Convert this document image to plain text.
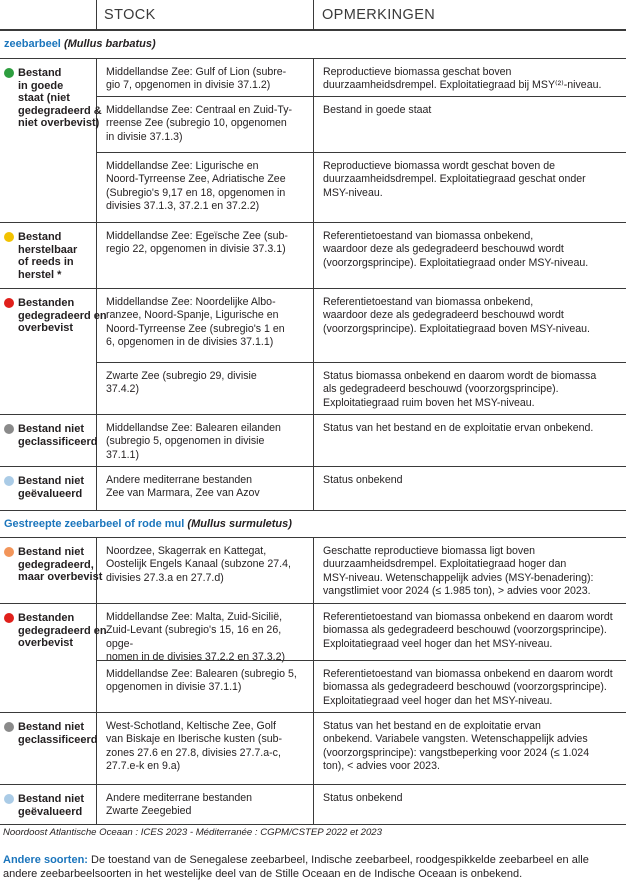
STOCK	OPMERKINGEN
zeebarbeel (Mullus barbatus)
Bestand
in goede
staat (niet
gedegradeerd &
niet overbevist)
Middellandse Zee: Gulf of Lion (subre-
gio 7, opgenomen in divisie 37.1.2)
Reproductieve biomassa geschat boven
duurzaamheidsdrempel. Exploitatiegraad bij MSY⁽²⁾-niveau.
Middellandse Zee: Centraal en Zuid-Ty-
rreense Zee (subregio 10, opgenomen
in divisie 37.1.3)
Bestand in goede staat
Middellandse Zee: Ligurische en
Noord-Tyrreense Zee, Adriatische Zee
(Subregio's 9,17 en 18, opgenomen in
divisies 37.1.3, 37.2.1 en 37.2.2)
Reproductieve biomassa wordt geschat boven de
duurzaamheidsdrempel. Exploitatiegraad geschat onder
MSY-niveau.
Bestand
herstelbaar
of reeds in
herstel *
Middellandse Zee: Egeïsche Zee (sub-
regio 22, opgenomen in divisie 37.3.1)
Referentietoestand van biomassa onbekend,
waardoor deze als gedegradeerd beschouwd wordt
(voorzorgsprincipe). Exploitatiegraad onder MSY-niveau.
Bestanden
gedegradeerd en
overbevist
Middellandse Zee: Noordelijke Albo-
ranzee, Noord-Spanje, Ligurische en
Noord-Tyrreense Zee (subregio's 1 en
6, opgenomen in de divisies 37.1.1)
Referentietoestand van biomassa onbekend,
waardoor deze als gedegradeerd beschouwd wordt
(voorzorgsprincipe). Exploitatiegraad boven MSY-niveau.
Zwarte Zee (subregio 29, divisie
37.4.2)
Status biomassa onbekend en daarom wordt de biomassa
als gedegradeerd beschouwd (voorzorgsprincipe).
Exploitatiegraad ruim boven het MSY-niveau.
Bestand niet
geclassificeerd
Middellandse Zee: Balearen eilanden
(subregio 5, opgenomen in divisie
37.1.1)
Status van het bestand en de exploitatie ervan onbekend.
Bestand niet
geëvalueerd
Andere mediterrane bestanden
Zee van Marmara, Zee van Azov
Status onbekend
Gestreepte zeebarbeel of rode mul (Mullus surmuletus)
Bestand niet
gedegradeerd,
maar overbevist
Noordzee, Skagerrak en Kattegat,
Oostelijk Engels Kanaal (subzone 27.4,
divisies 27.3.a en 27.7.d)
Geschatte reproductieve biomassa ligt boven
duurzaamheidsdrempel. Exploitatiegraad hoger dan
MSY-niveau. Wetenschappelijk advies (MSY-benadering):
vangstlimiet voor 2024 (≤ 1.985 ton), > advies voor 2023.
Bestanden
gedegradeerd en
overbevist
Middellandse Zee: Malta, Zuid-Sicilië,
Zuid-Levant (subregio's 15, 16 en 26, opge-
nomen in de divisies 37.2.2 en 37.3.2)
Referentietoestand van biomassa onbekend en daarom wordt
biomassa als gedegradeerd beschouwd (voorzorgsprincipe).
Exploitatiegraad veel hoger dan het MSY-niveau.
Middellandse Zee: Balearen (subregio 5,
opgenomen in divisie 37.1.1)
Referentietoestand van biomassa onbekend en daarom wordt
biomassa als gedegradeerd beschouwd (voorzorgsprincipe).
Exploitatiegraad veel hoger dan het MSY-niveau.
Bestand niet
geclassificeerd
West-Schotland, Keltische Zee, Golf
van Biskaje en Iberische kusten (sub-
zones 27.6 en 27.8, divisies 27.7.a-c,
27.7.e-k en 9.a)
Status van het bestand en de exploitatie ervan
onbekend. Variabele vangsten. Wetenschappelijk advies
(voorzorgsprincipe): vangstbeperking voor 2024 (≤ 1.024
ton), < advies voor 2023.
Bestand niet
geëvalueerd
Andere mediterrane bestanden
Zwarte Zeegebied
Status onbekend
Noordoost Atlantische Oceaan : ICES 2023 - Méditerranée : CGPM/CSTEP 2022 et 2023
Andere soorten: De toestand van de Senegalese zeebarbeel, Indische zeebarbeel, roodgespikkelde zeebarbeel en alle andere zeebarbeelsoorten in het westelijke deel van de Stille Oceaan en de Indische Oceaan is onbekend.
